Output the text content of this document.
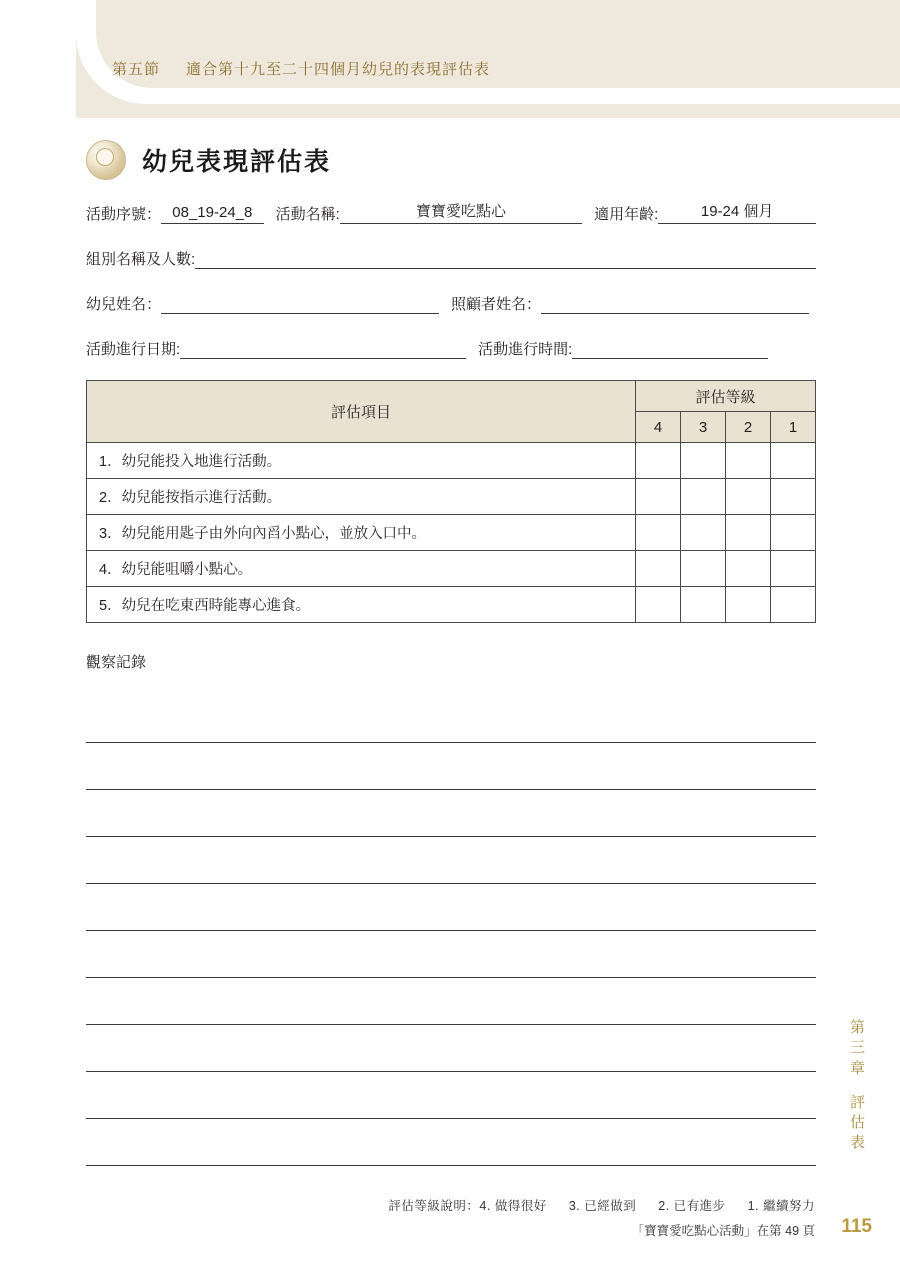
第五節 適合第十九至二十四個月幼兒的表現評估表
幼兒表現評估表
活動序號： 08_19-24_8	活動名稱:	寶寶愛吃點心	適用年齡:	19-24 個月
組別名稱及人數:
幼兒姓名：	照顧者姓名：
活動進行日期:	活動進行時間:
評估項目	評估等級			
	4	3	2	1
1．幼兒能投入地進行活動。				
2．幼兒能按指示進行活動。				
3．幼兒能用匙子由外向內舀小點心，並放入口中。				
4．幼兒能咀嚼小點心。				
5．幼兒在吃東西時能專心進食。				
觀察記錄
評估等級說明：4. 做得很好 3. 已經做到 2. 已有進步 1. 繼續努力
「寶寶愛吃點心活動」在第 49 頁 115
第三章
評估表
